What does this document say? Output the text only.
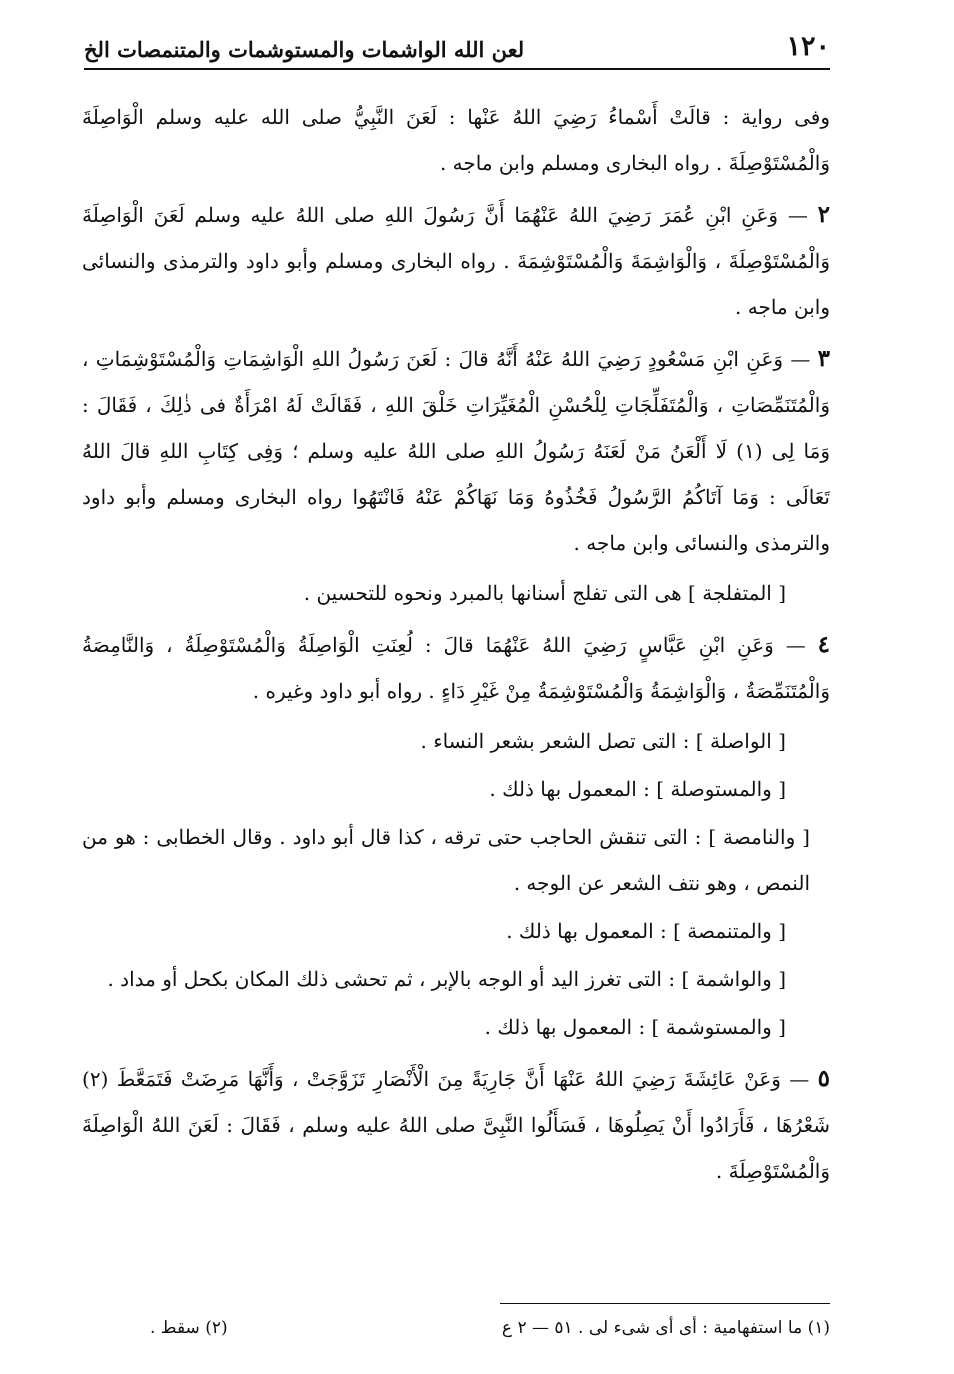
١٢٠
لعن الله الواشمات والمستوشمات والمتنمصات الخ

وفى رواية : قالَتْ أَسْماءُ رَضِيَ اللهُ عَنْها : لَعَنَ النَّبِيُّ صلى الله عليه وسلم الْوَاصِلَةَ وَالْمُسْتَوْصِلَةَ . رواه البخارى ومسلم وابن ماجه .

٢ — وَعَنِ ابْنِ عُمَرَ رَضِيَ اللهُ عَنْهُمَا أَنَّ رَسُولَ اللهِ صلى اللهُ عليه وسلم لَعَنَ الْوَاصِلَةَ وَالْمُسْتَوْصِلَةَ ، وَالْوَاشِمَةَ وَالْمُسْتَوْشِمَةَ . رواه البخارى ومسلم وأبو داود والترمذى والنسائى وابن ماجه .

٣ — وَعَنِ ابْنِ مَسْعُودٍ رَضِيَ اللهُ عَنْهُ أَنَّهُ قالَ : لَعَنَ رَسُولُ اللهِ الْوَاشِمَاتِ وَالْمُسْتَوْشِمَاتِ ، وَالْمُتَنَمِّصَاتِ ، وَالْمُتَفَلِّجَاتِ لِلْحُسْنِ الْمُغَيِّرَاتِ خَلْقَ اللهِ ، فَقَالَتْ لَهُ امْرَأَةٌ فى ذٰلِكَ ، فَقَالَ : وَمَا لِى (١) لَا أَلْعَنُ مَنْ لَعَنَهُ رَسُولُ اللهِ صلى اللهُ عليه وسلم ؛ وَفِى كِتَابِ اللهِ قالَ اللهُ تَعَالَى : وَمَا آتَاكُمُ الرَّسُولُ فَخُذُوهُ وَمَا نَهَاكُمْ عَنْهُ فَانْتَهُوا رواه البخارى ومسلم وأبو داود والترمذى والنسائى وابن ماجه .

[ المتفلجة ] هى التى تفلج أسنانها بالمبرد ونحوه للتحسين .

٤ — وَعَنِ ابْنِ عَبَّاسٍ رَضِيَ اللهُ عَنْهُمَا قالَ : لُعِنَتِ الْوَاصِلَةُ وَالْمُسْتَوْصِلَةُ ، وَالنَّامِصَةُ وَالْمُتَنَمِّصَةُ ، وَالْوَاشِمَةُ وَالْمُسْتَوْشِمَةُ مِنْ غَيْرِ دَاءٍ . رواه أبو داود وغيره .

[ الواصلة ] : التى تصل الشعر بشعر النساء .

[ والمستوصلة ] : المعمول بها ذلك .

[ والنامصة ] : التى تنقش الحاجب حتى ترقه ، كذا قال أبو داود . وقال الخطابى : هو من النمص ، وهو نتف الشعر عن الوجه .

[ والمتنمصة ] : المعمول بها ذلك .

[ والواشمة ] : التى تغرز اليد أو الوجه بالإبر ، ثم تحشى ذلك المكان بكحل أو مداد .

[ والمستوشمة ] : المعمول بها ذلك .

٥ — وَعَنْ عَائِشَةَ رَضِيَ اللهُ عَنْهَا أَنَّ جَارِيَةً مِنَ الْأَنْصَارِ تَزَوَّجَتْ ، وَأَنَّهَا مَرِضَتْ فَتَمَعَّطَ (٢) شَعْرُهَا ، فَأَرَادُوا أَنْ يَصِلُوهَا ، فَسَأَلُوا النَّبِىَّ صلى اللهُ عليه وسلم ، فَقَالَ : لَعَنَ اللهُ الْوَاصِلَةَ وَالْمُسْتَوْصِلَةَ .

(١) ما استفهامية : أى أى شىء لى . ٥١ — ٢ ع
(٢) سقط .
